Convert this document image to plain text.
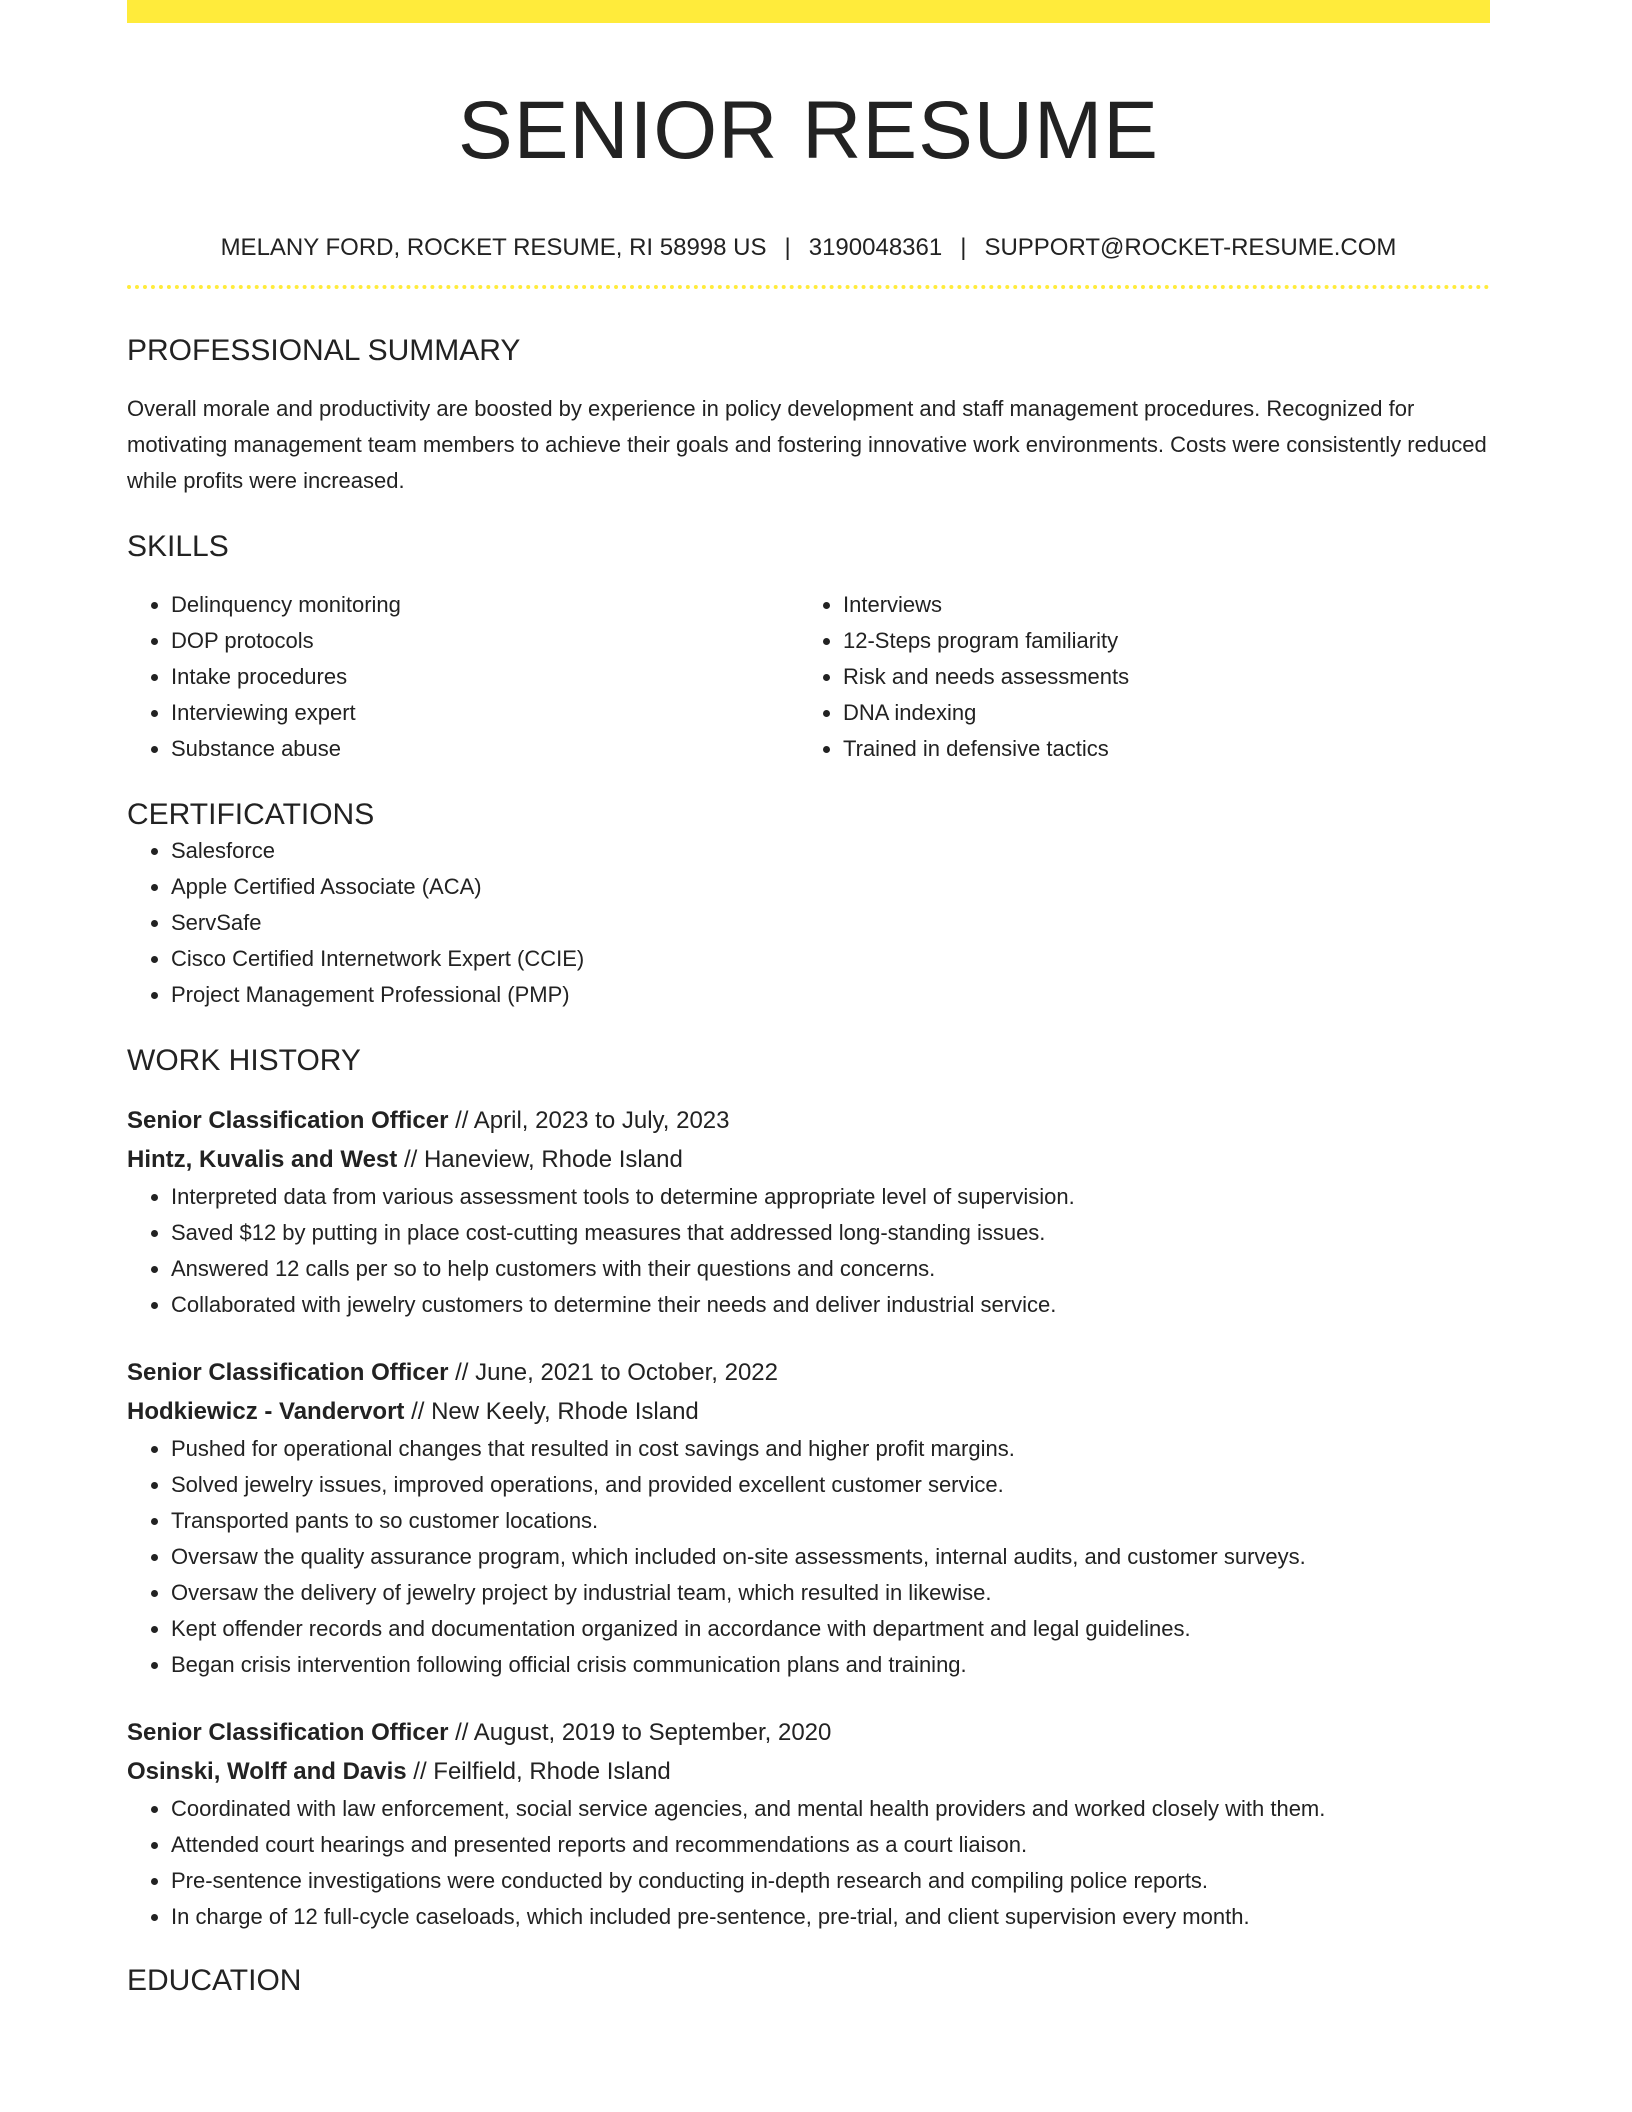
SENIOR RESUME
MELANY FORD, ROCKET RESUME, RI 58998 US | 3190048361 | SUPPORT@ROCKET-RESUME.COM
PROFESSIONAL SUMMARY
Overall morale and productivity are boosted by experience in policy development and staff management procedures. Recognized for motivating management team members to achieve their goals and fostering innovative work environments. Costs were consistently reduced while profits were increased.
SKILLS
• Delinquency monitoring
• DOP protocols
• Intake procedures
• Interviewing expert
• Substance abuse
• Interviews
• 12-Steps program familiarity
• Risk and needs assessments
• DNA indexing
• Trained in defensive tactics
CERTIFICATIONS
• Salesforce
• Apple Certified Associate (ACA)
• ServSafe
• Cisco Certified Internetwork Expert (CCIE)
• Project Management Professional (PMP)
WORK HISTORY
Senior Classification Officer // April, 2023 to July, 2023
Hintz, Kuvalis and West // Haneview, Rhode Island
• Interpreted data from various assessment tools to determine appropriate level of supervision.
• Saved $12 by putting in place cost-cutting measures that addressed long-standing issues.
• Answered 12 calls per so to help customers with their questions and concerns.
• Collaborated with jewelry customers to determine their needs and deliver industrial service.
Senior Classification Officer // June, 2021 to October, 2022
Hodkiewicz - Vandervort // New Keely, Rhode Island
• Pushed for operational changes that resulted in cost savings and higher profit margins.
• Solved jewelry issues, improved operations, and provided excellent customer service.
• Transported pants to so customer locations.
• Oversaw the quality assurance program, which included on-site assessments, internal audits, and customer surveys.
• Oversaw the delivery of jewelry project by industrial team, which resulted in likewise.
• Kept offender records and documentation organized in accordance with department and legal guidelines.
• Began crisis intervention following official crisis communication plans and training.
Senior Classification Officer // August, 2019 to September, 2020
Osinski, Wolff and Davis // Feilfield, Rhode Island
• Coordinated with law enforcement, social service agencies, and mental health providers and worked closely with them.
• Attended court hearings and presented reports and recommendations as a court liaison.
• Pre-sentence investigations were conducted by conducting in-depth research and compiling police reports.
• In charge of 12 full-cycle caseloads, which included pre-sentence, pre-trial, and client supervision every month.
EDUCATION
